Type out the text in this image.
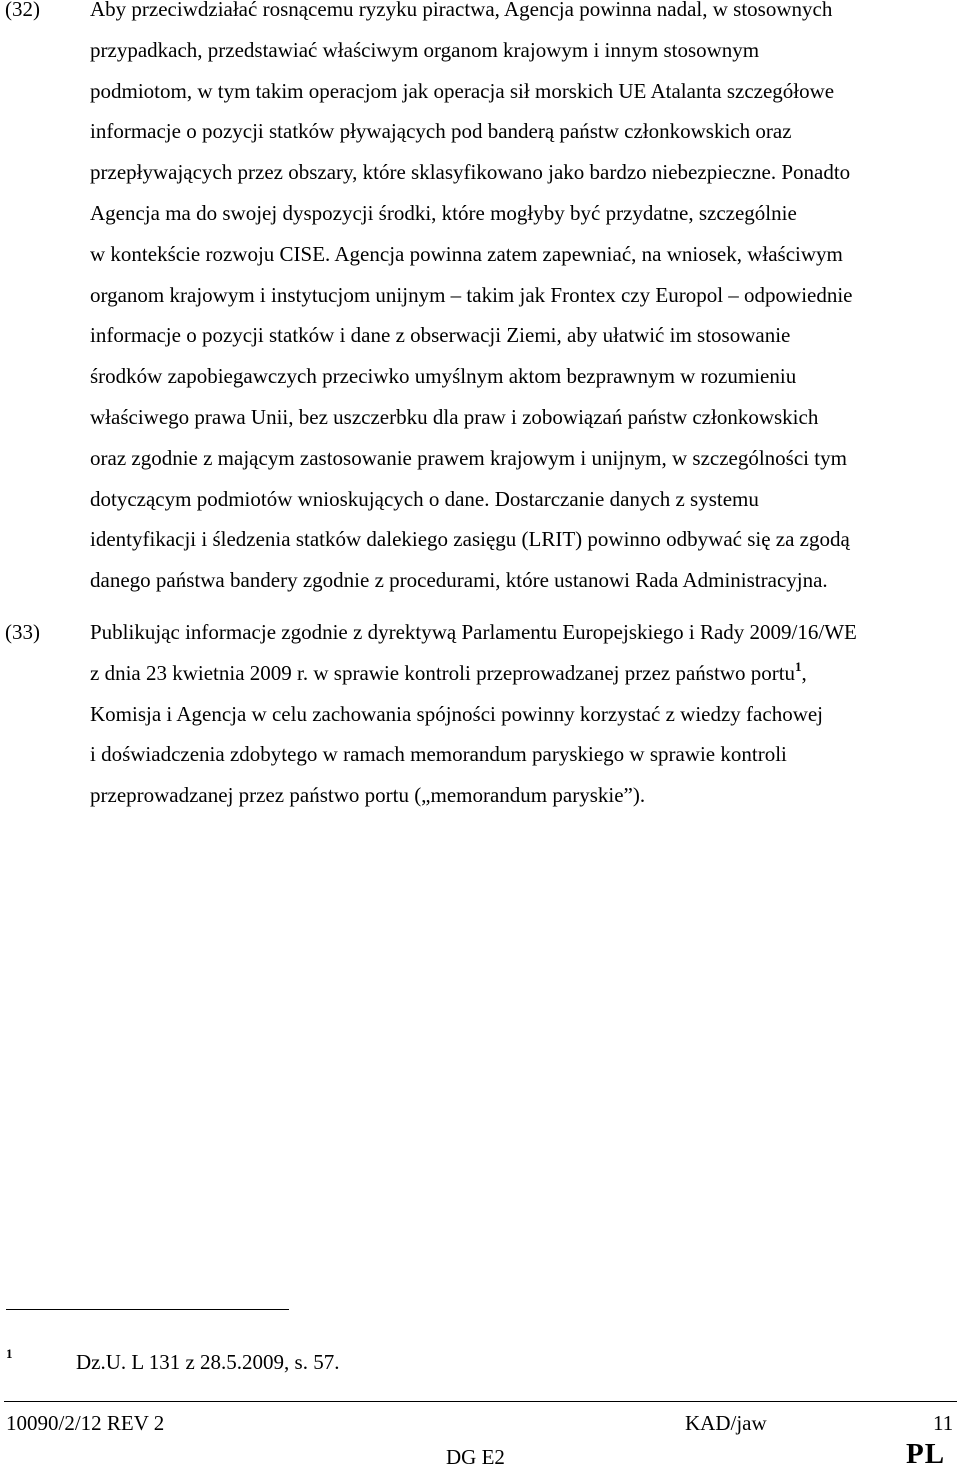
(32) Aby przeciwdziałać rosnącemu ryzyku piractwa, Agencja powinna nadal, w stosownych
przypadkach, przedstawiać właściwym organom krajowym i innym stosownym
podmiotom, w tym takim operacjom jak operacja sił morskich UE Atalanta szczegółowe
informacje o pozycji statków pływających pod banderą państw członkowskich oraz
przepływających przez obszary, które sklasyfikowano jako bardzo niebezpieczne. Ponadto
Agencja ma do swojej dyspozycji środki, które mogłyby być przydatne, szczególnie
w kontekście rozwoju CISE. Agencja powinna zatem zapewniać, na wniosek, właściwym
organom krajowym i instytucjom unijnym – takim jak Frontex czy Europol – odpowiednie
informacje o pozycji statków i dane z obserwacji Ziemi, aby ułatwić im stosowanie
środków zapobiegawczych przeciwko umyślnym aktom bezprawnym w rozumieniu
właściwego prawa Unii, bez uszczerbku dla praw i zobowiązań państw członkowskich
oraz zgodnie z mającym zastosowanie prawem krajowym i unijnym, w szczególności tym
dotyczącym podmiotów wnioskujących o dane. Dostarczanie danych z systemu
identyfikacji i śledzenia statków dalekiego zasięgu (LRIT) powinno odbywać się za zgodą
danego państwa bandery zgodnie z procedurami, które ustanowi Rada Administracyjna.
(33) Publikując informacje zgodnie z dyrektywą Parlamentu Europejskiego i Rady 2009/16/WE
z dnia 23 kwietnia 2009 r. w sprawie kontroli przeprowadzanej przez państwo portu$^1$,
Komisja i Agencja w celu zachowania spójności powinny korzystać z wiedzy fachowej
i doświadczenia zdobytego w ramach memorandum paryskiego w sprawie kontroli
przeprowadzanej przez państwo portu („memorandum paryskie”).
1	Dz.U. L 131 z 28.5.2009, s. 57.
10090/2/12 REV 2	KAD/jaw	11
DG E2	PL
